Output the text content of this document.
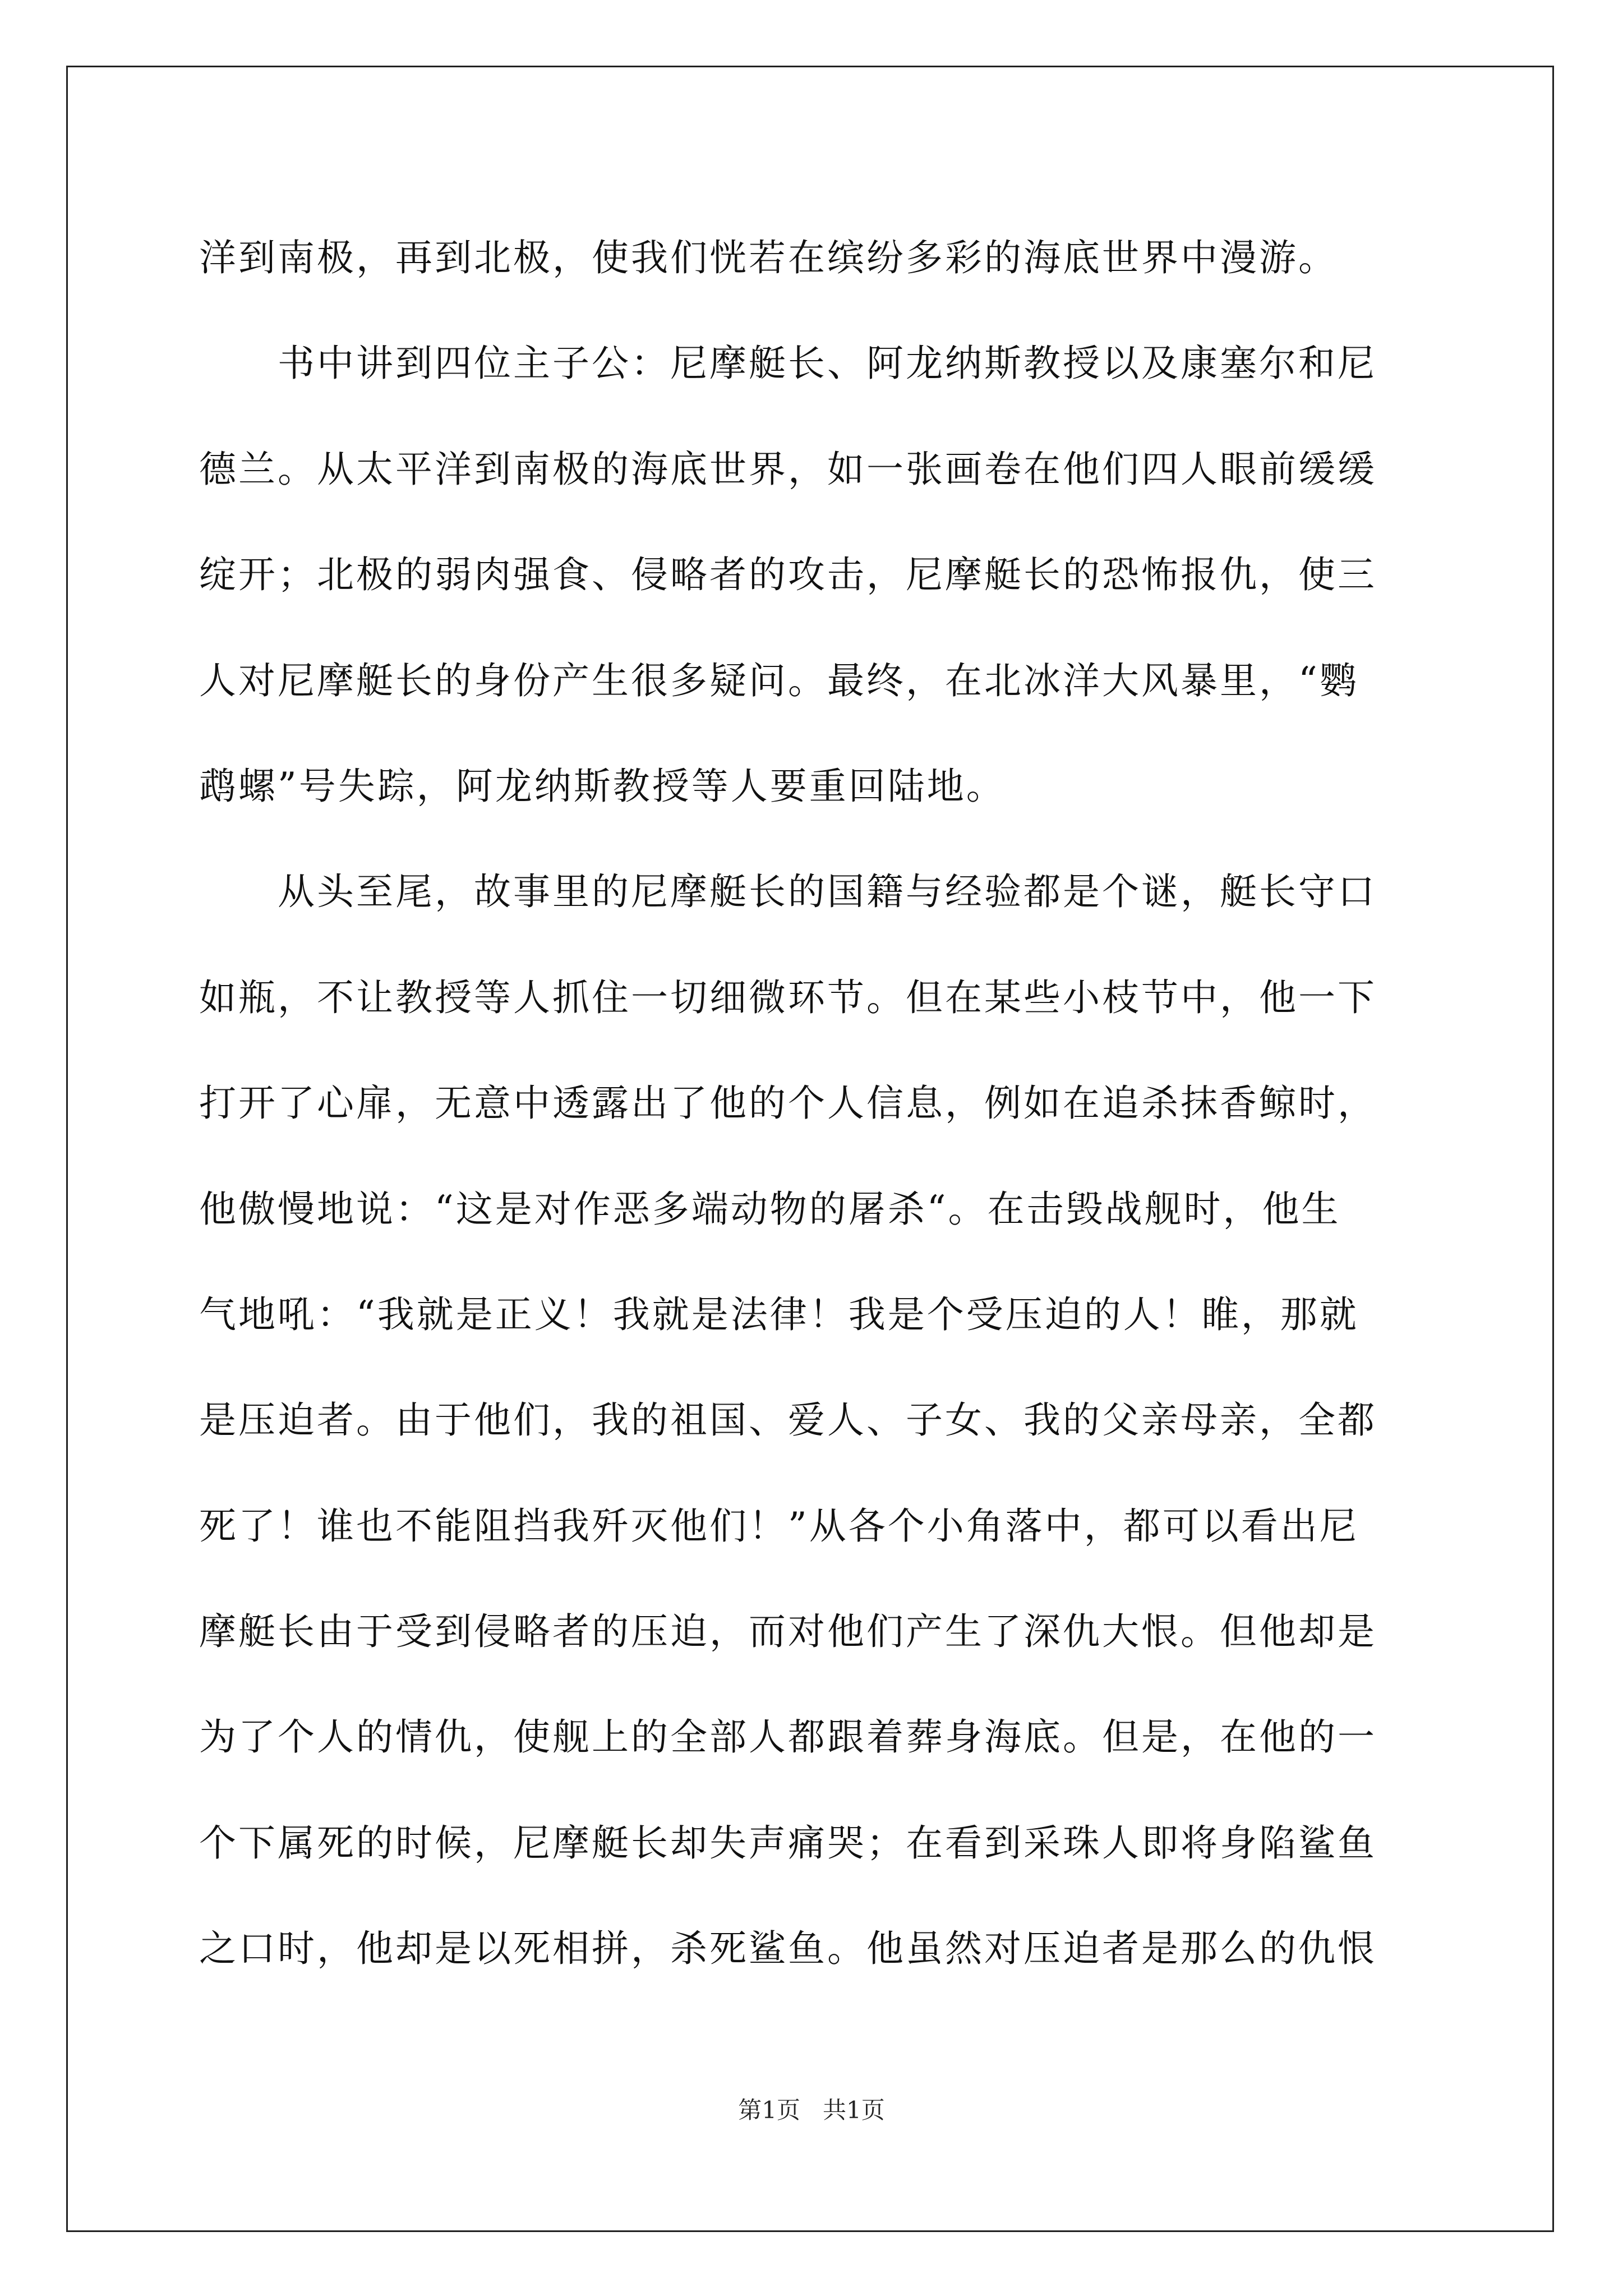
洋到南极，再到北极，使我们恍若在缤纷多彩的海底世界中漫游。
　　书中讲到四位主子公：尼摩艇长、阿龙纳斯教授以及康塞尔和尼
德兰。从太平洋到南极的海底世界，如一张画卷在他们四人眼前缓缓
绽开；北极的弱肉强食、侵略者的攻击，尼摩艇长的恐怖报仇，使三
人对尼摩艇长的身份产生很多疑问。最终，在北冰洋大风暴里，“鹦
鹉螺”号失踪，阿龙纳斯教授等人要重回陆地。
　　从头至尾，故事里的尼摩艇长的国籍与经验都是个谜，艇长守口
如瓶，不让教授等人抓住一切细微环节。但在某些小枝节中，他一下
打开了心扉，无意中透露出了他的个人信息，例如在追杀抹香鲸时，
他傲慢地说：“这是对作恶多端动物的屠杀“。在击毁战舰时，他生
气地吼：“我就是正义！我就是法律！我是个受压迫的人！睢，那就
是压迫者。由于他们，我的祖国、爱人、子女、我的父亲母亲，全都
死了！谁也不能阻挡我歼灭他们！”从各个小角落中，都可以看出尼
摩艇长由于受到侵略者的压迫，而对他们产生了深仇大恨。但他却是
为了个人的情仇，使舰上的全部人都跟着葬身海底。但是，在他的一
个下属死的时候，尼摩艇长却失声痛哭；在看到采珠人即将身陷鲨鱼
之口时，他却是以死相拼，杀死鲨鱼。他虽然对压迫者是那么的仇恨
第1页 共1页
